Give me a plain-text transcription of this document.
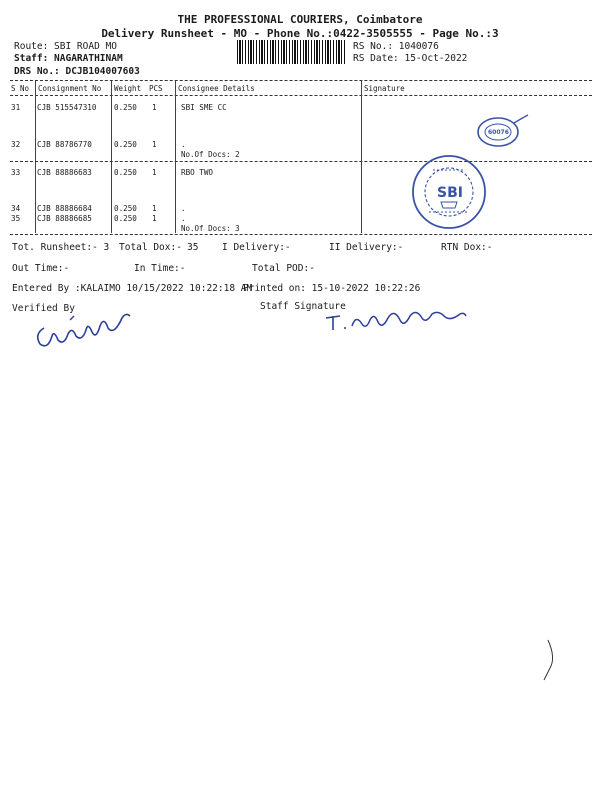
THE PROFESSIONAL COURIERS, Coimbatore
Delivery Runsheet - MO - Phone No.:0422-3505555 - Page No.:3
Route: SBI ROAD MO
Staff: NAGARATHINAM
DRS No.: DCJB104007603
RS No.: 1040076
RS Date: 15-Oct-2022
S No Consignment No Weight PCS Consignee Details	Signature
31 CJB 515547310 0.250 1	SBI SME CC
32 CJB 88786770	0.250 1	.
No.Of Docs: 2
33 CJB 88886683	0.250 1	RBO TWO
34 CJB 88886684	0.250 1	.
35 CJB 88886685	0.250 1	.
No.Of Docs: 3
Tot. Runsheet:- 3 Total Dox:- 35 I Delivery:-	II Delivery:-	RTN Dox:-
Out Time:-	In Time:-	Total POD:-
Entered By :KALAIMO 10/15/2022 10:22:18 AM
Printed on: 15-10-2022 10:22:26
Verified By	Staff Signature
60076
SBI
